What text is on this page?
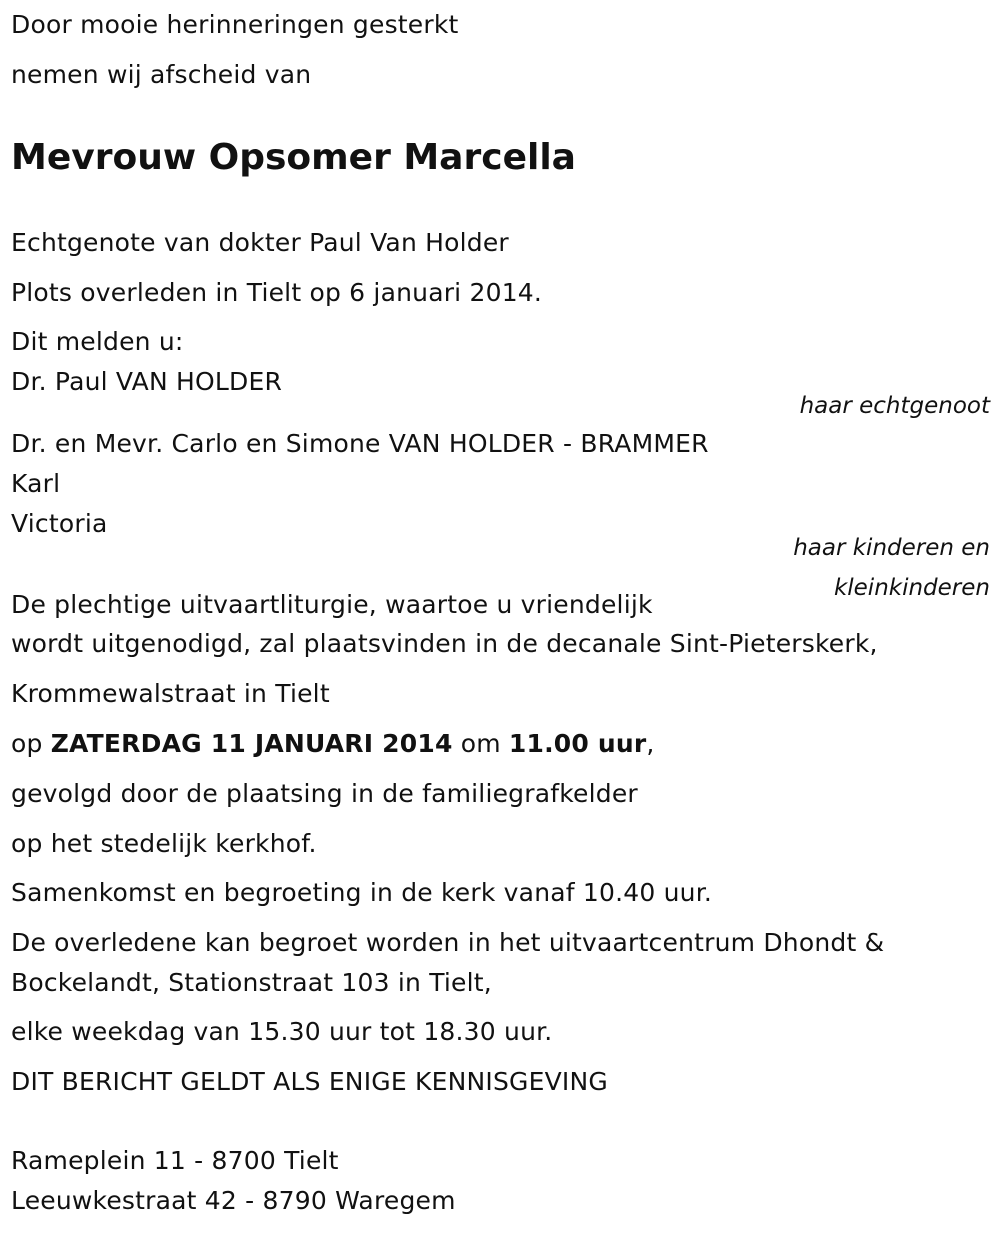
Door mooie herinneringen gesterkt
nemen wij afscheid van
Mevrouw Opsomer Marcella
Echtgenote van dokter Paul Van Holder
Plots overleden in Tielt op 6 januari 2014.
Dit melden u:
Dr. Paul VAN HOLDER
haar echtgenoot
Dr. en Mevr. Carlo en Simone VAN HOLDER - BRAMMER
Karl
Victoria
haar kinderen en
kleinkinderen
De plechtige uitvaartliturgie, waartoe u vriendelijk
wordt uitgenodigd, zal plaatsvinden in de decanale Sint-Pieterskerk,
Krommewalstraat in Tielt
op ZATERDAG 11 JANUARI 2014 om 11.00 uur,
gevolgd door de plaatsing in de familiegrafkelder
op het stedelijk kerkhof.
Samenkomst en begroeting in de kerk vanaf 10.40 uur.
De overledene kan begroet worden in het uitvaartcentrum Dhondt &
Bockelandt, Stationstraat 103 in Tielt,
elke weekdag van 15.30 uur tot 18.30 uur.
DIT BERICHT GELDT ALS ENIGE KENNISGEVING
Rameplein 11 - 8700 Tielt
Leeuwkestraat 42 - 8790 Waregem
